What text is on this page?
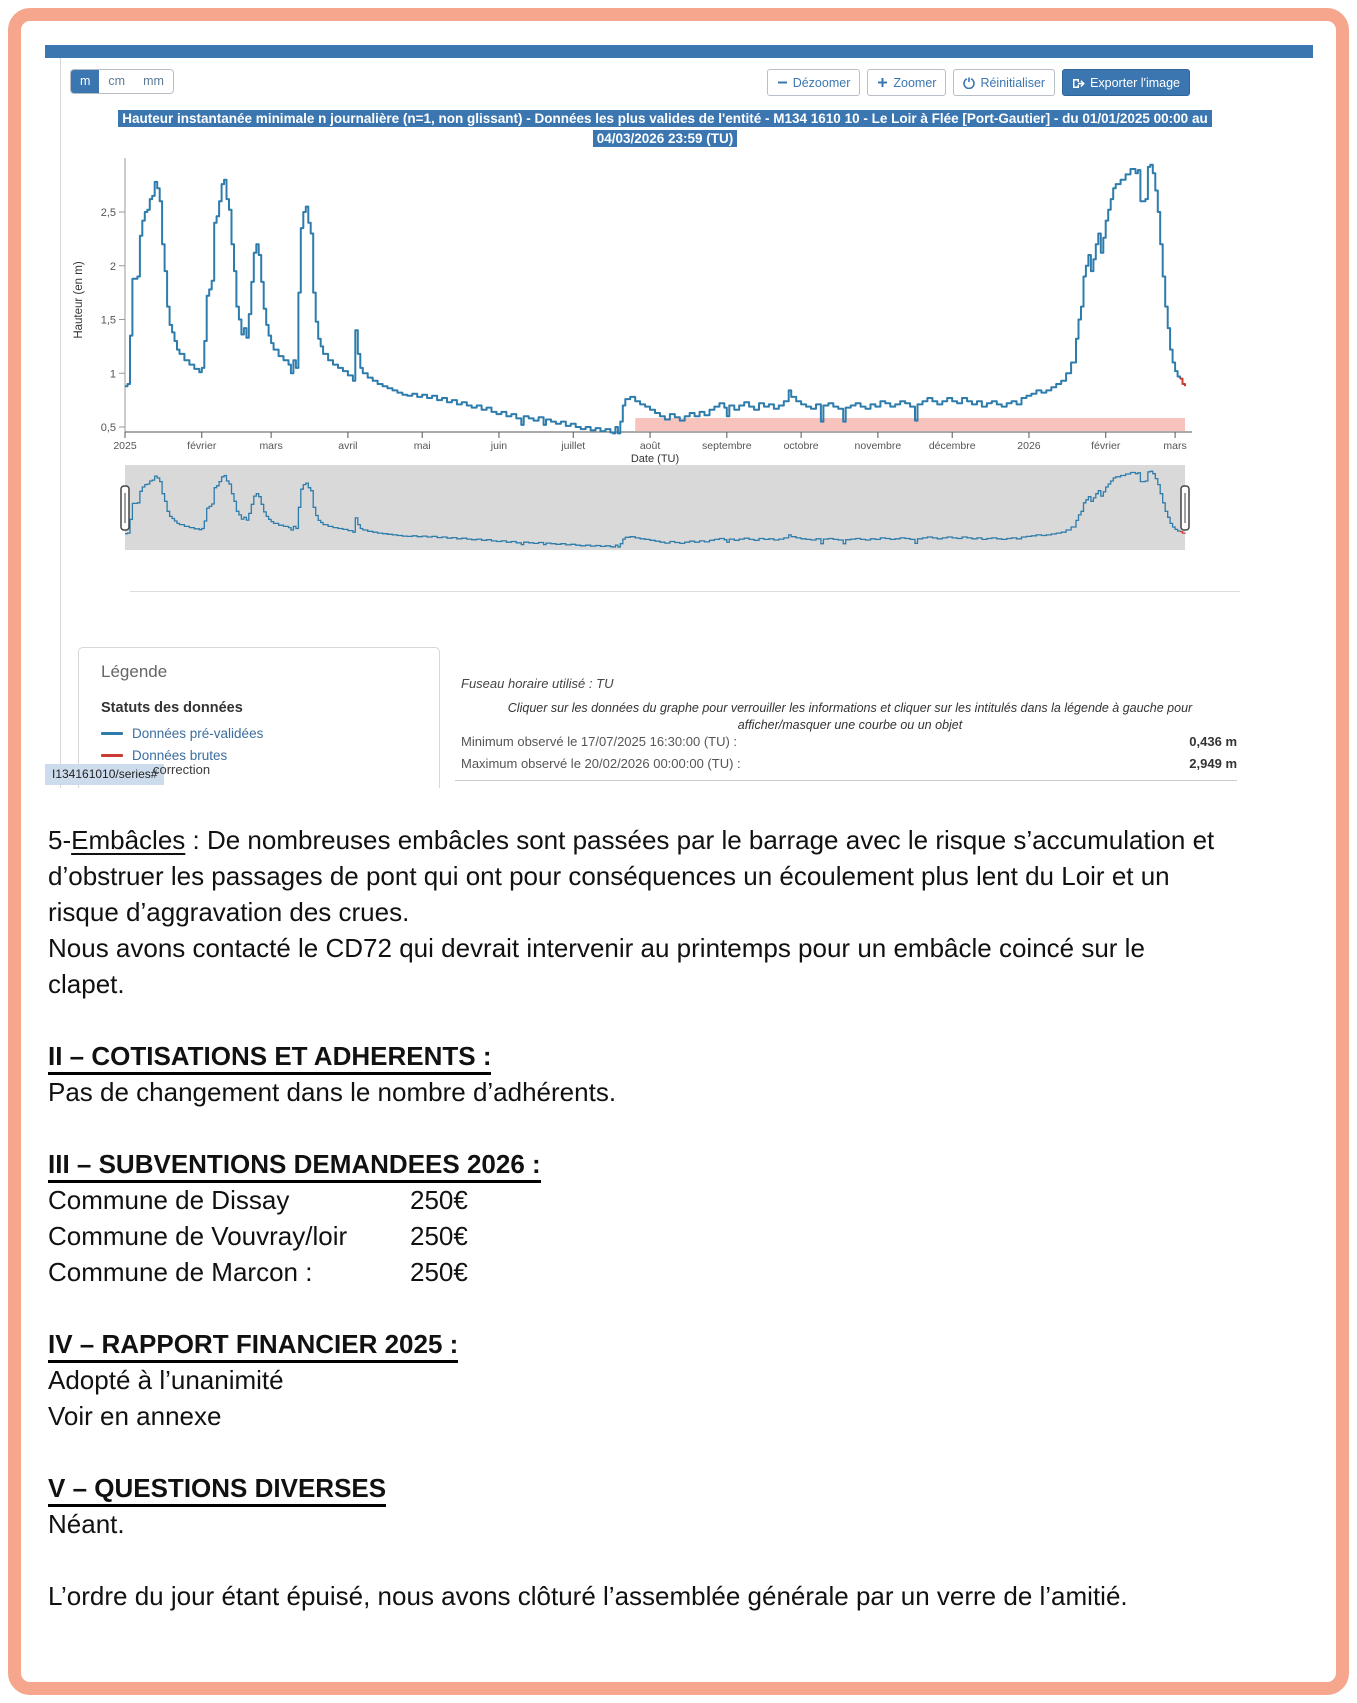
m	cm	mm	Dézoomer	Zoomer	Réinitialiser	Exporter l'image
Hauteur instantanée minimale n journalière (n=1, non glissant) - Données les plus valides de l'entité - M134 1610 10 - Le Loir à Flée [Port-Gautier] - du 01/01/2025 00:00 au 04/03/2026 23:59 (TU)
0,5
1
1,5
2
2,5
Hauteur (en m)
2025	février	mars	avril	mai	juin	juillet	août	septembre	octobre	novembre	décembre	2026	février	mars
Date (TU)
Légende
Statuts des données
Données pré-validées
Données brutes
I134161010/series#
correction
Fuseau horaire utilisé : TU
Cliquer sur les données du graphe pour verrouiller les informations et cliquer sur les intitulés dans la légende à gauche pour afficher/masquer une courbe ou un objet
Minimum observé le 17/07/2025 16:30:00 (TU) :	0,436 m
Maximum observé le 20/02/2026 00:00:00 (TU) :	2,949 m
5-Embâcles : De nombreuses embâcles sont passées par le barrage avec le risque s’accumulation et
d’obstruer les passages de pont qui ont pour conséquences un écoulement plus lent du Loir et un
risque d’aggravation des crues.
Nous avons contacté le CD72 qui devrait intervenir au printemps pour un embâcle coincé sur le
clapet.
II – COTISATIONS ET ADHERENTS :
Pas de changement dans le nombre d’adhérents.
III – SUBVENTIONS DEMANDEES 2026 :
Commune de Dissay	250€
Commune de Vouvray/loir 250€
Commune de Marcon :	250€
IV – RAPPORT FINANCIER 2025 :
Adopté à l’unanimité
Voir en annexe
V – QUESTIONS DIVERSES
Néant.
L’ordre du jour étant épuisé, nous avons clôturé l’assemblée générale par un verre de l’amitié.
